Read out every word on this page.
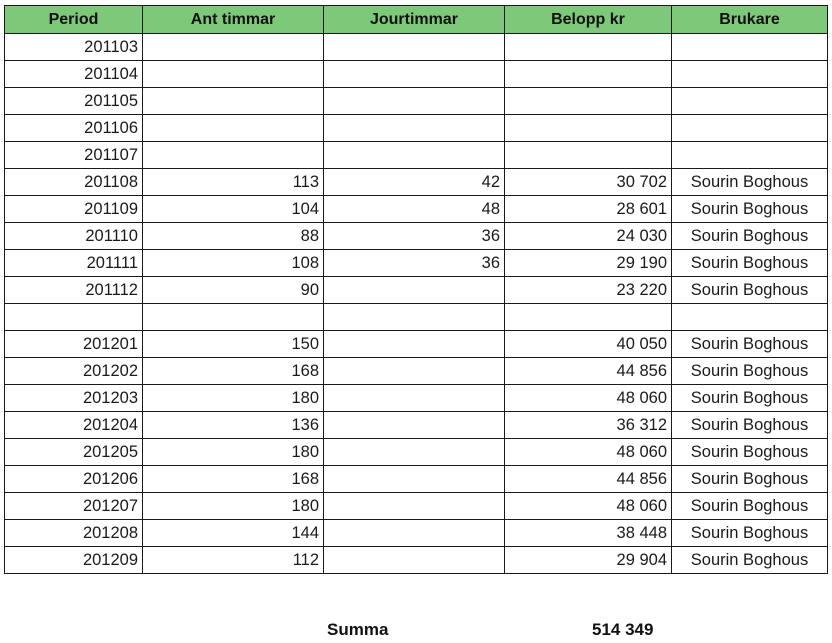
Period	Ant timmar	Jourtimmar	Belopp kr	Brukare
201103				
201104				
201105				
201106				
201107				
201108	113	42	30 702	Sourin Boghous
201109	104	48	28 601	Sourin Boghous
201110	88	36	24 030	Sourin Boghous
201111	108	36	29 190	Sourin Boghous
201112	90		23 220	Sourin Boghous

201201	150		40 050	Sourin Boghous
201202	168		44 856	Sourin Boghous
201203	180		48 060	Sourin Boghous
201204	136		36 312	Sourin Boghous
201205	180		48 060	Sourin Boghous
201206	168		44 856	Sourin Boghous
201207	180		48 060	Sourin Boghous
201208	144		38 448	Sourin Boghous
201209	112		29 904	Sourin Boghous
Summa	514 349
